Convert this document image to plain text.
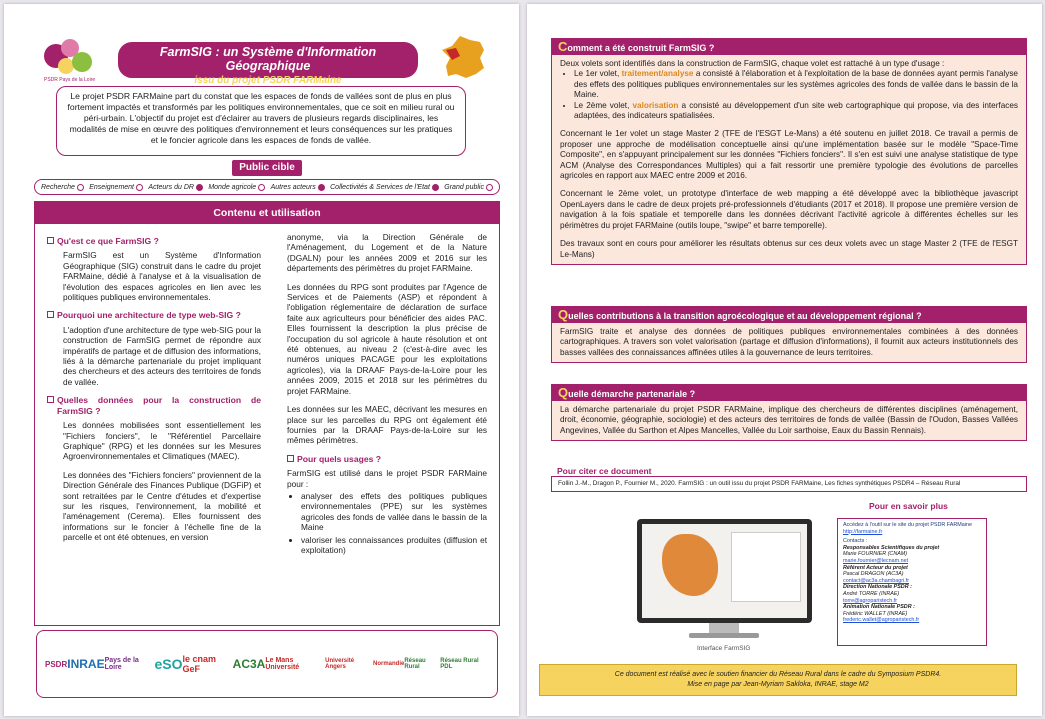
PSDR Pays de la Loire
FarmSIG : un Système d'Information Géographique
issu du projet PSDR FARMaine
Le projet PSDR FARMaine part du constat que les espaces de fonds de vallées sont de plus en plus fortement impactés et transformés par les politiques environnementales, que ce soit en milieu rural ou péri-urbain. L'objectif du projet est d'éclairer au travers de plusieurs regards disciplinaires, les modalités de mise en œuvre des politiques d'environnement et leurs conséquences sur les pratiques et le foncier agricole dans les espaces de fonds de vallée.
Public cible
Recherche Enseignement Acteurs du DR Monde agricole Autres acteurs Collectivités & Services de l'Etat Grand public
Contenu et utilisation
Qu'est ce que FarmSIG ?

FarmSIG est un Système d'Information Géographique (SIG) construit dans le cadre du projet FARMaine, dédié à l'analyse et à la visualisation de l'évolution des espaces agricoles en lien avec les politiques publiques environnementales.

Pourquoi une architecture de type web-SIG ?

L'adoption d'une architecture de type web-SIG pour la construction de FarmSIG permet de répondre aux impératifs de partage et de diffusion des informations, liés à la démarche partenariale du projet impliquant des chercheurs et des acteurs des territoires de fonds de vallée.

Quelles données pour la construction de FarmSIG ?

Les données mobilisées sont essentiellement les "Fichiers fonciers", le "Référentiel Parcellaire Graphique" (RPG) et les données sur les Mesures Agroenvironnementales et Climatiques (MAEC).

Les données des "Fichiers fonciers" proviennent de la Direction Générale des Finances Publique (DGFiP) et sont retraitées par le Centre d'études et d'expertise sur les risques, l'environnement, la mobilité et l'aménagement (Cerema). Elles fournissent des informations sur le foncier à l'échelle fine de la parcelle et ont été obtenues, en version

anonyme, via la Direction Générale de l'Aménagement, du Logement et de la Nature (DGALN) pour les années 2009 et 2016 sur les départements des périmètres du projet FARMaine.

Les données du RPG sont produites par l'Agence de Services et de Paiements (ASP) et répondent à l'obligation réglementaire de déclaration de surface faite aux agriculteurs pour bénéficier des aides PAC. Elles fournissent la description la plus précise de l'occupation du sol agricole à haute résolution et ont été obtenues, au niveau 2 (c'est-à-dire avec les numéros uniques PACAGE pour les exploitations agricoles), via la DRAAF Pays-de-la-Loire pour les années 2009, 2015 et 2018 sur les périmètres du projet FARMaine.

Les données sur les MAEC, décrivant les mesures en place sur les parcelles du RPG ont également été fournies par la DRAAF Pays-de-la-Loire sur les mêmes périmètres.

Pour quels usages ?
FarmSIG est utilisé dans le projet PSDR FARMaine pour :
• analyser des effets des politiques publiques environnementales (PPE) sur les systèmes agricoles des fonds de vallée dans le bassin de la Maine
• valoriser les connaissances produites (diffusion et exploitation)
PSDR INRAE Pays de la Loire	eSO le cnam GeF	AC3A Le Mans Université
Université Angers	Normandie Réseau Rural
Réseau Rural PDL
Comment a été construit FarmSIG ?

Deux volets sont identifiés dans la construction de FarmSIG, chaque volet est rattaché à un type d'usage :

• Le 1er volet, traitement/analyse a consisté à l'élaboration et à l'exploitation de la base de données ayant permis l'analyse des effets des politiques publiques environnementales sur les systèmes agricoles des fonds de vallée dans le bassin de la Maine.
• Le 2ème volet, valorisation a consisté au développement d'un site web cartographique qui propose, via des interfaces adaptées, des indicateurs spatialisées.

Concernant le 1er volet un stage Master 2 (TFE de l'ESGT Le-Mans) a été soutenu en juillet 2018. Ce travail a permis de proposer une approche de modélisation conceptuelle ainsi qu'une implémentation basée sur le modèle "Space-Time Composite", en s'appuyant principalement sur les données "Fichiers fonciers". Il s'en est suivi une analyse statistique de type ACM (Analyse des Correspondances Multiples) qui a fait ressortir une première typologie des évolutions de parcelles agricoles en rapport aux MAEC entre 2009 et 2016.

Concernant le 2ème volet, un prototype d'interface de web mapping a été développé avec la bibliothèque javascript OpenLayers dans le cadre de deux projets pré-professionnels d'étudiants (2017 et 2018). Il propose une première version de navigation à la fois spatiale et temporelle dans les données décrivant l'activité agricole à différentes échelles sur les périmètres du projet FARMaine (outils loupe, "swipe" et barre temporelle).

Des travaux sont en cours pour améliorer les résultats obtenus sur ces deux volets avec un stage Master 2 (TFE de l'ESGT Le-Mans)

Quelles contributions à la transition agroécologique et au développement régional ?
FarmSIG traite et analyse des données de politiques publiques environnementales combinées à des données cartographiques. A travers son volet valorisation (partage et diffusion d'informations), il fournit aux acteurs institutionnels des basses vallées des connaissances affinées utiles à la gouvernance de leurs territoires.
Quelle démarche partenariale ?
La démarche partenariale du projet PSDR FARMaine, implique des chercheurs de différentes disciplines (aménagement, droit, économie, géographie, sociologie) et des acteurs des territoires de fonds de vallée (Bassin de l'Oudon, Basses Vallées Angevines, Vallée du Sarthon et Alpes Mancelles, Vallée du Loir sarthoise, Eaux du Bassin Rennais).
Pour citer ce document
Follin J.-M., Dragon P., Fournier M., 2020. FarmSIG : un outil issu du projet PSDR FARMaine, Les fiches synthétiques PSDR4 – Réseau Rural
Pour en savoir plus
Interface FarmSIG
Accédez à l'outil sur le site du projet PSDR FARMaine
http://farmaine.fr
Contacts :
Responsables Scientifiques du projet
Marie FOURNIER (CNAM)
marie.fournier@lecnam.net
Référent Acteur du projet
Pascal DRAGON (AC3A)
contact@ac3a.chambagri.fr
Direction Nationale PSDR :
André TORRE (INRAE)
torre@agroparistech.fr
Animation Nationale PSDR :
Frédéric WALLET (INRAE)
frederic.wallet@agroparistech.fr
Ce document est réalisé avec le soutien financier du Réseau Rural dans le cadre du Symposium PSDR4.
Mise en page par Jean-Myriam Sakloka, INRAE, stage M2
